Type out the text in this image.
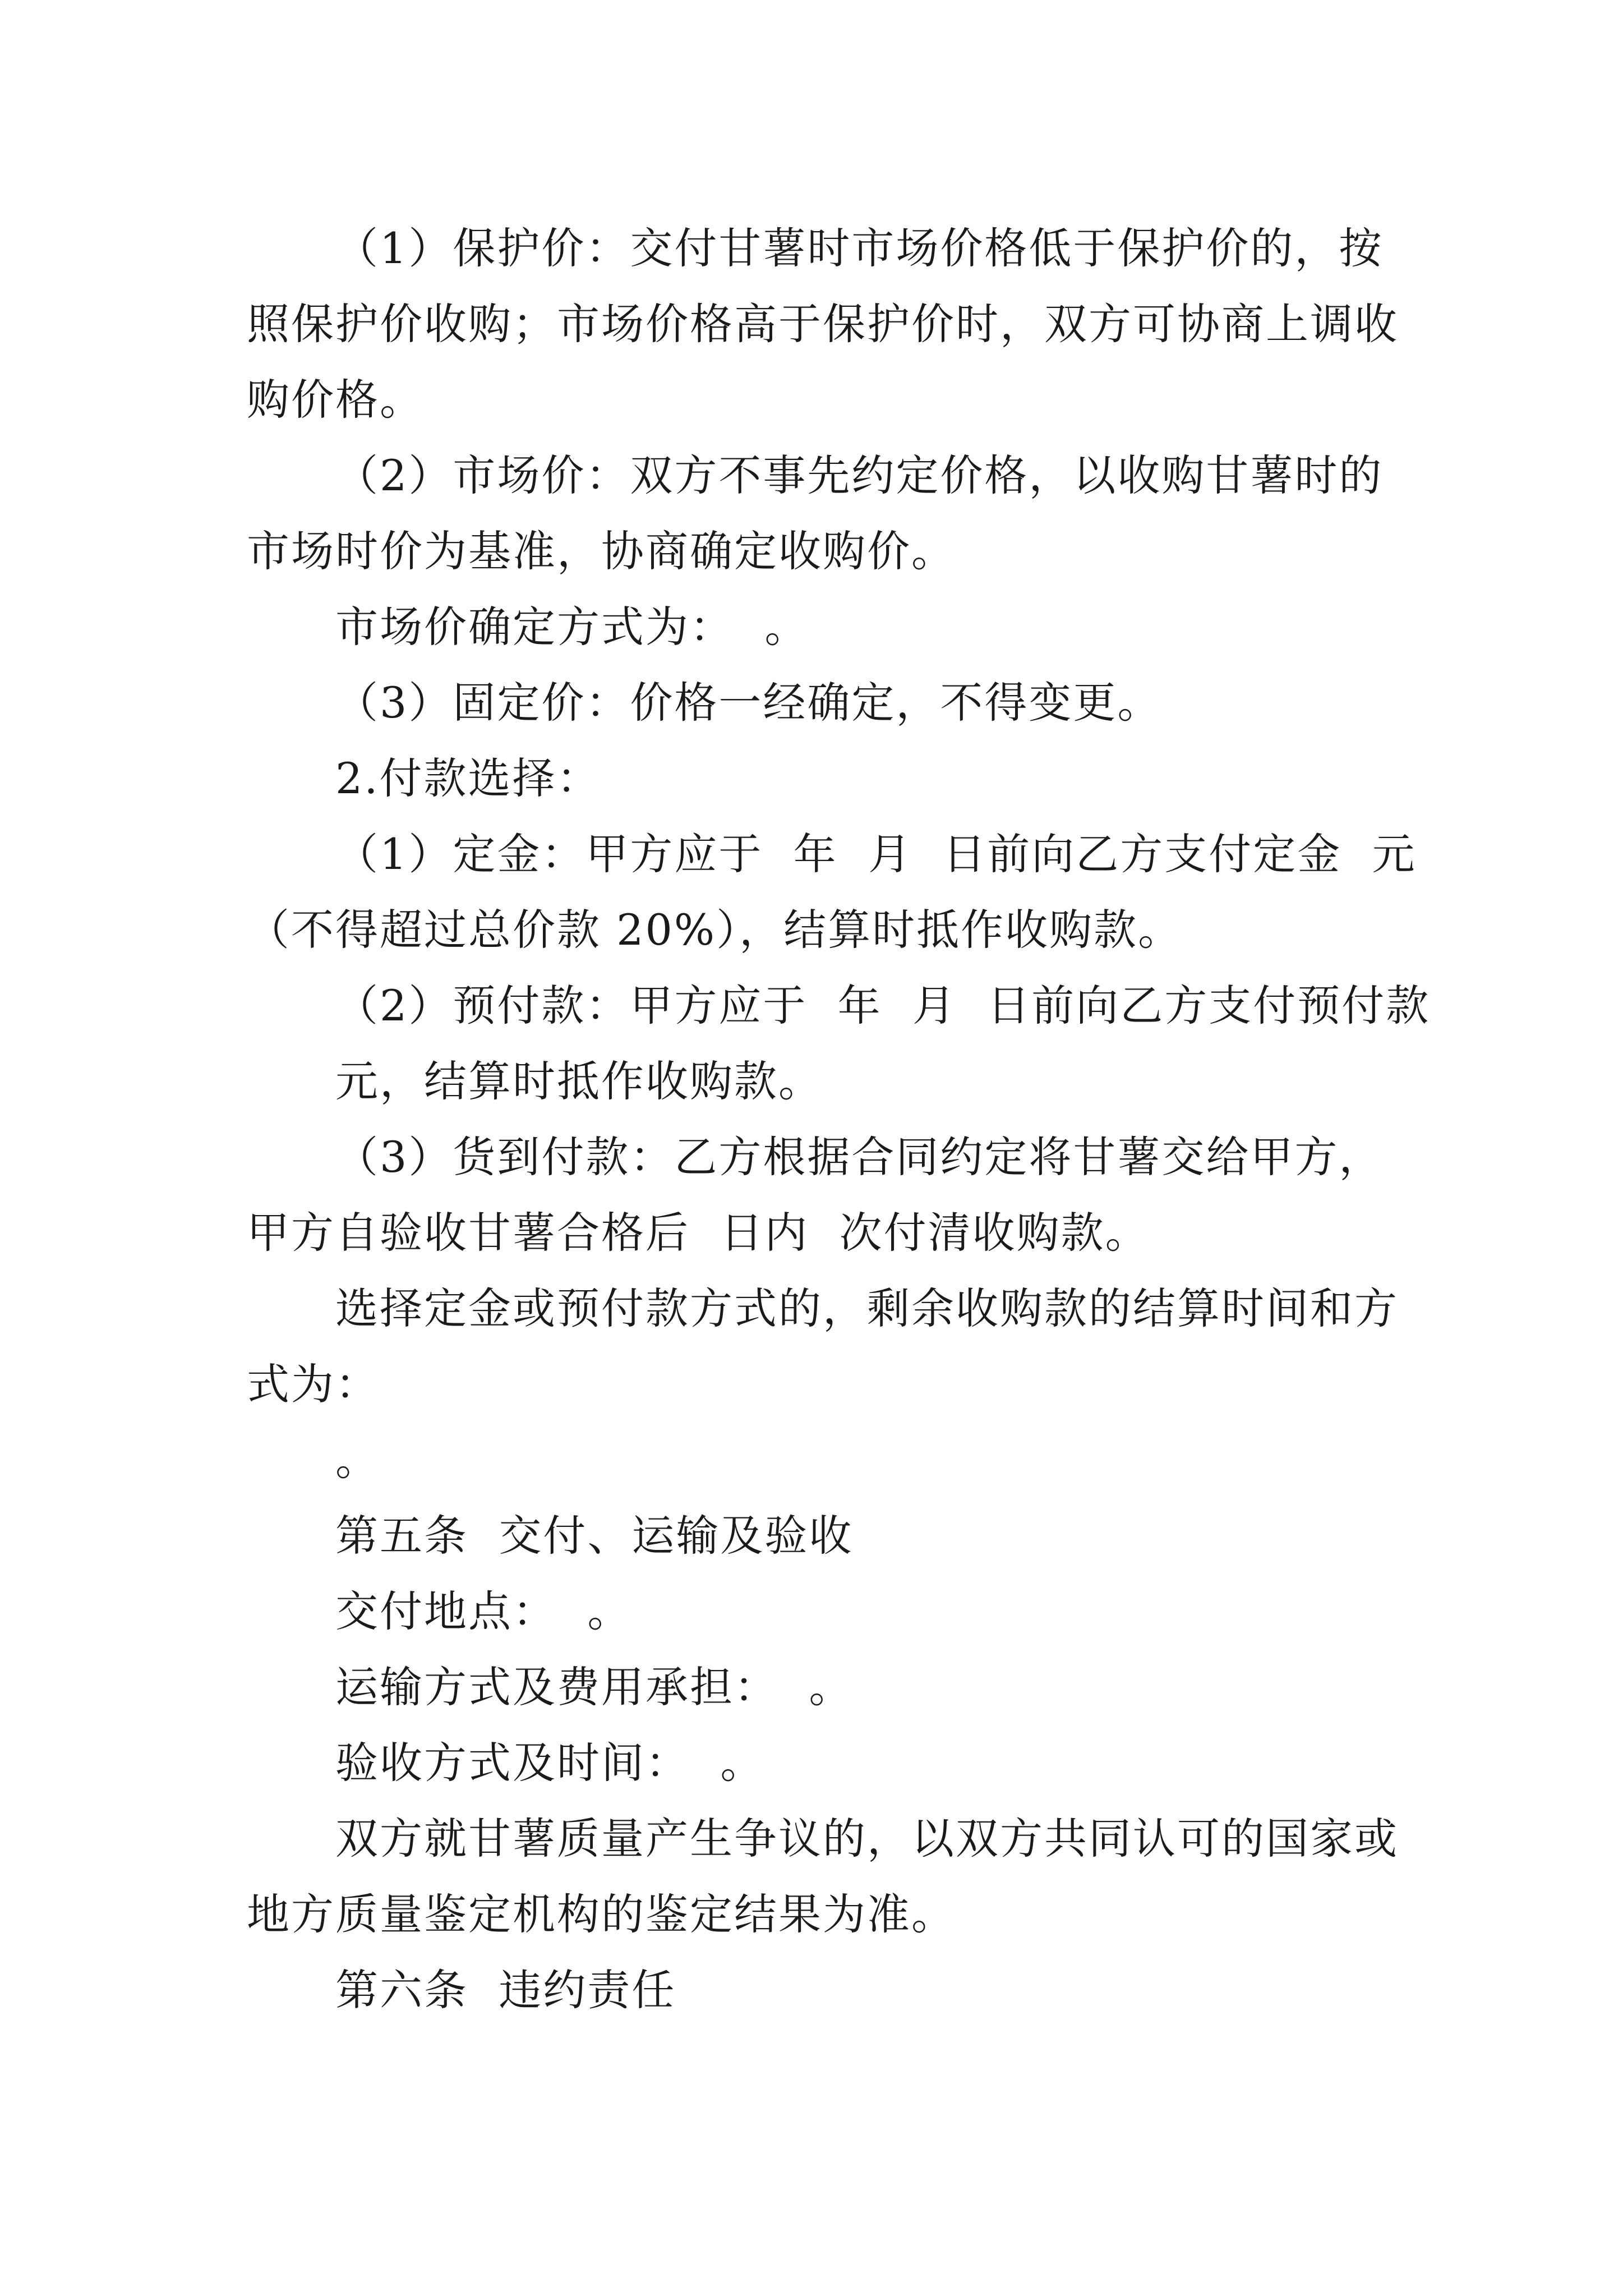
（1）保护价：交付甘薯时市场价格低于保护价的，按
照保护价收购；市场价格高于保护价时，双方可协商上调收
购价格。
（2）市场价：双方不事先约定价格，以收购甘薯时的
市场时价为基准，协商确定收购价。
市场价确定方式为：  。
（3）固定价：价格一经确定，不得变更。
2.付款选择：
（1）定金：甲方应于  年  月  日前向乙方支付定金  元
（不得超过总价款 20%），结算时抵作收购款。
（2）预付款：甲方应于  年  月  日前向乙方支付预付款
元，结算时抵作收购款。
（3）货到付款：乙方根据合同约定将甘薯交给甲方，
甲方自验收甘薯合格后  日内  次付清收购款。
选择定金或预付款方式的，剩余收购款的结算时间和方
式为：
。
第五条  交付、运输及验收
交付地点：  。
运输方式及费用承担：  。
验收方式及时间：  。
双方就甘薯质量产生争议的，以双方共同认可的国家或
地方质量鉴定机构的鉴定结果为准。
第六条  违约责任
